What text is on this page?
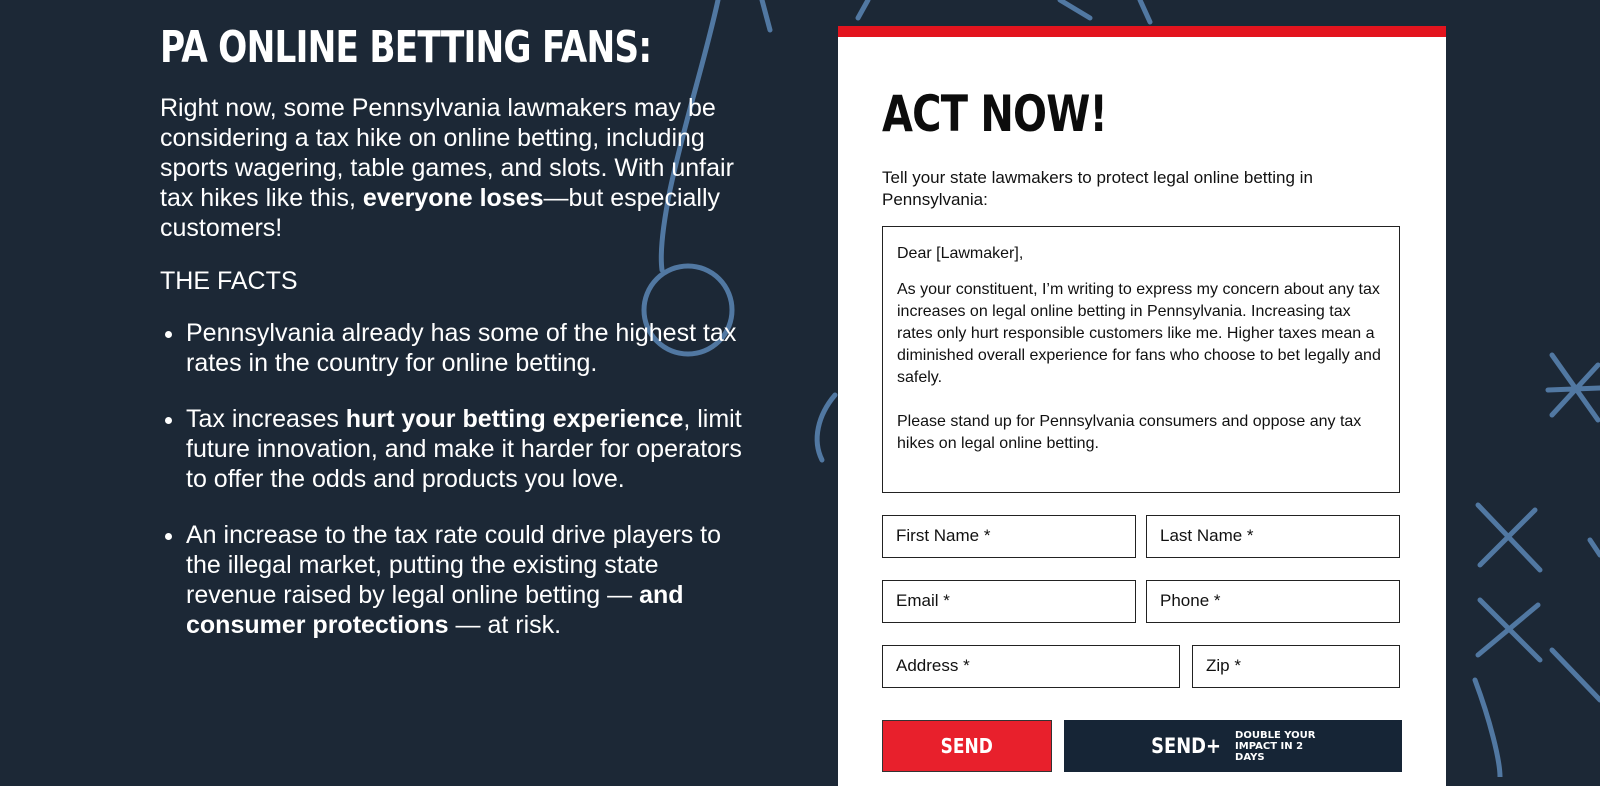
PA ONLINE BETTING FANS:

Right now, some Pennsylvania lawmakers may be considering a tax hike on online betting, including sports wagering, table games, and slots. With unfair tax hikes like this, everyone loses—but especially customers!

THE FACTS
• Pennsylvania already has some of the highest tax rates in the country for online betting.
• Tax increases hurt your betting experience, limit future innovation, and make it harder for operators to offer the odds and products you love.
• An increase to the tax rate could drive players to the illegal market, putting the existing state revenue raised by legal online betting — and consumer protections — at risk.
ACT NOW!

Tell your state lawmakers to protect legal online betting in Pennsylvania:

Dear [Lawmaker],

As your constituent, I’m writing to express my concern about any tax increases on legal online betting in Pennsylvania. Increasing tax rates only hurt responsible customers like me. Higher taxes mean a diminished overall experience for fans who choose to bet legally and safely.

Please stand up for Pennsylvania consumers and oppose any tax hikes on legal online betting.

First Name *	Last Name *
Email *	Phone *
Address *	Zip *
SEND	SEND+ DOUBLE YOUR IMPACT IN 2 DAYS
